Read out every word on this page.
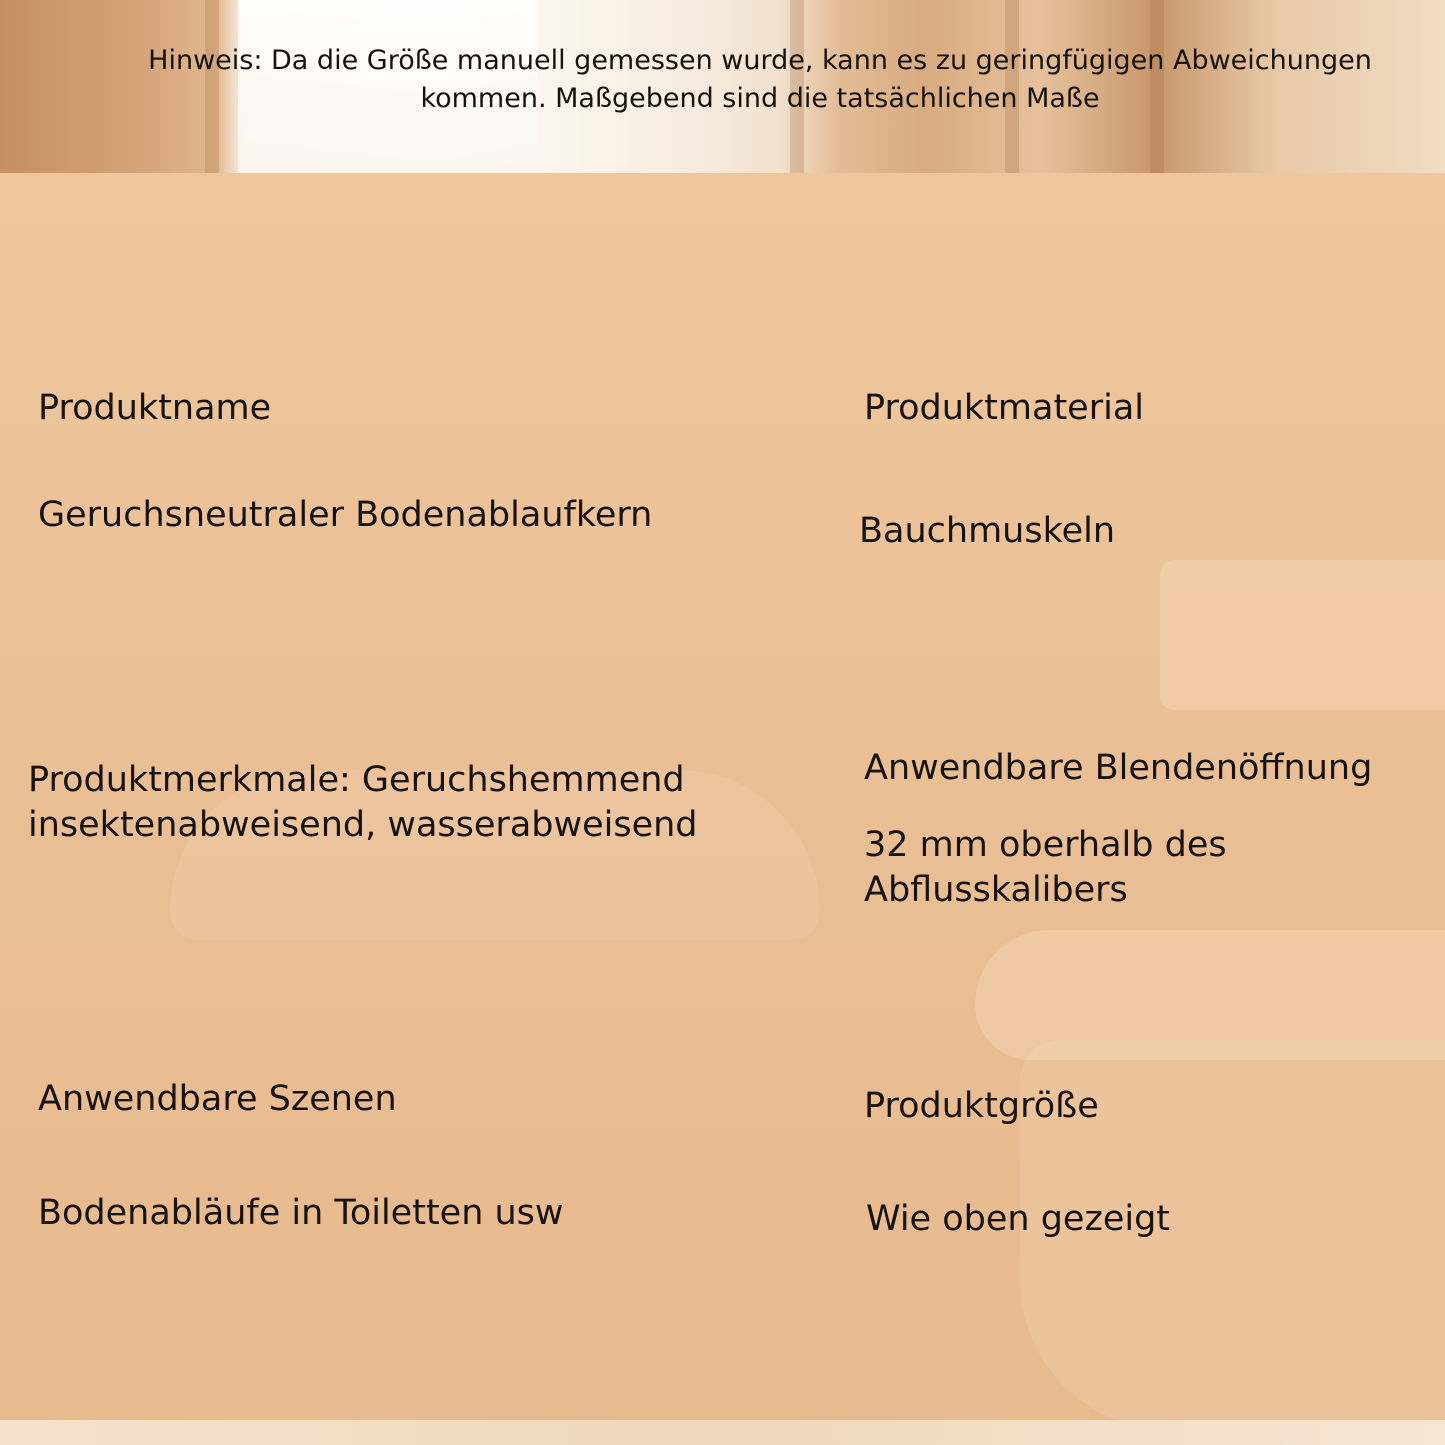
Hinweis: Da die Größe manuell gemessen wurde, kann es zu geringfügigen Abweichungen
kommen. Maßgebend sind die tatsächlichen Maße

Produktname

Geruchsneutraler Bodenablaufkern

Produktmaterial

Bauchmuskeln

Produktmerkmale: Geruchshemmend

insektenabweisend, wasserabweisend

Anwendbare Blendenöffnung

32 mm oberhalb des

Abflusskalibers

Anwendbare Szenen

Bodenabläufe in Toiletten usw

Produktgröße

Wie oben gezeigt
